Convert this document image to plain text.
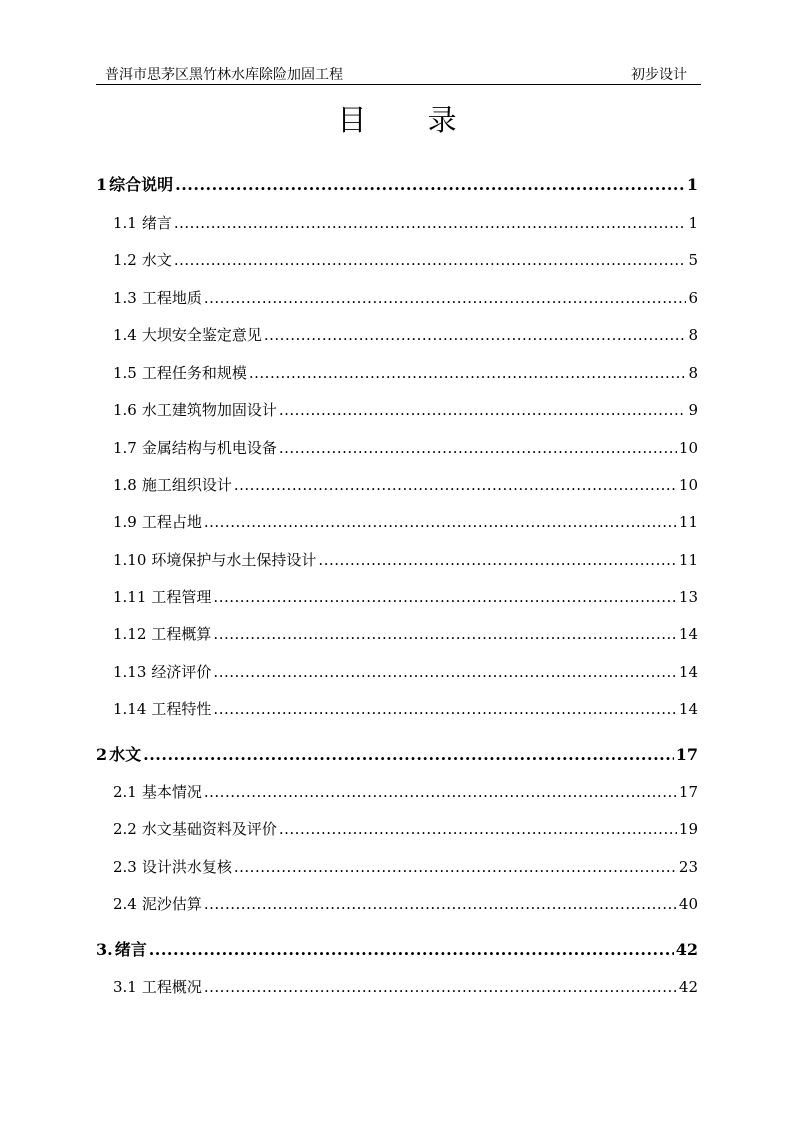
普洱市思茅区黑竹林水库除险加固工程	初步设计
目 录
1 综合说明 .....	1
1.1 绪言 .....	1
1.2 水文 .....	5
1.3 工程地质 .....	6
1.4 大坝安全鉴定意见 .....	8
1.5 工程任务和规模 .....	8
1.6 水工建筑物加固设计 .....	9
1.7 金属结构与机电设备 .....	10
1.8 施工组织设计 .....	10
1.9 工程占地 .....	11
1.10 环境保护与水土保持设计 .....	11
1.11 工程管理 .....	13
1.12 工程概算 .....	14
1.13 经济评价 .....	14
1.14 工程特性 .....	14
2 水文 .....	17
2.1 基本情况 .....	17
2.2 水文基础资料及评价 .....	19
2.3 设计洪水复核 .....	23
2.4 泥沙估算 .....	40
3. 绪言 .....	42
3.1 工程概况 .....	42
